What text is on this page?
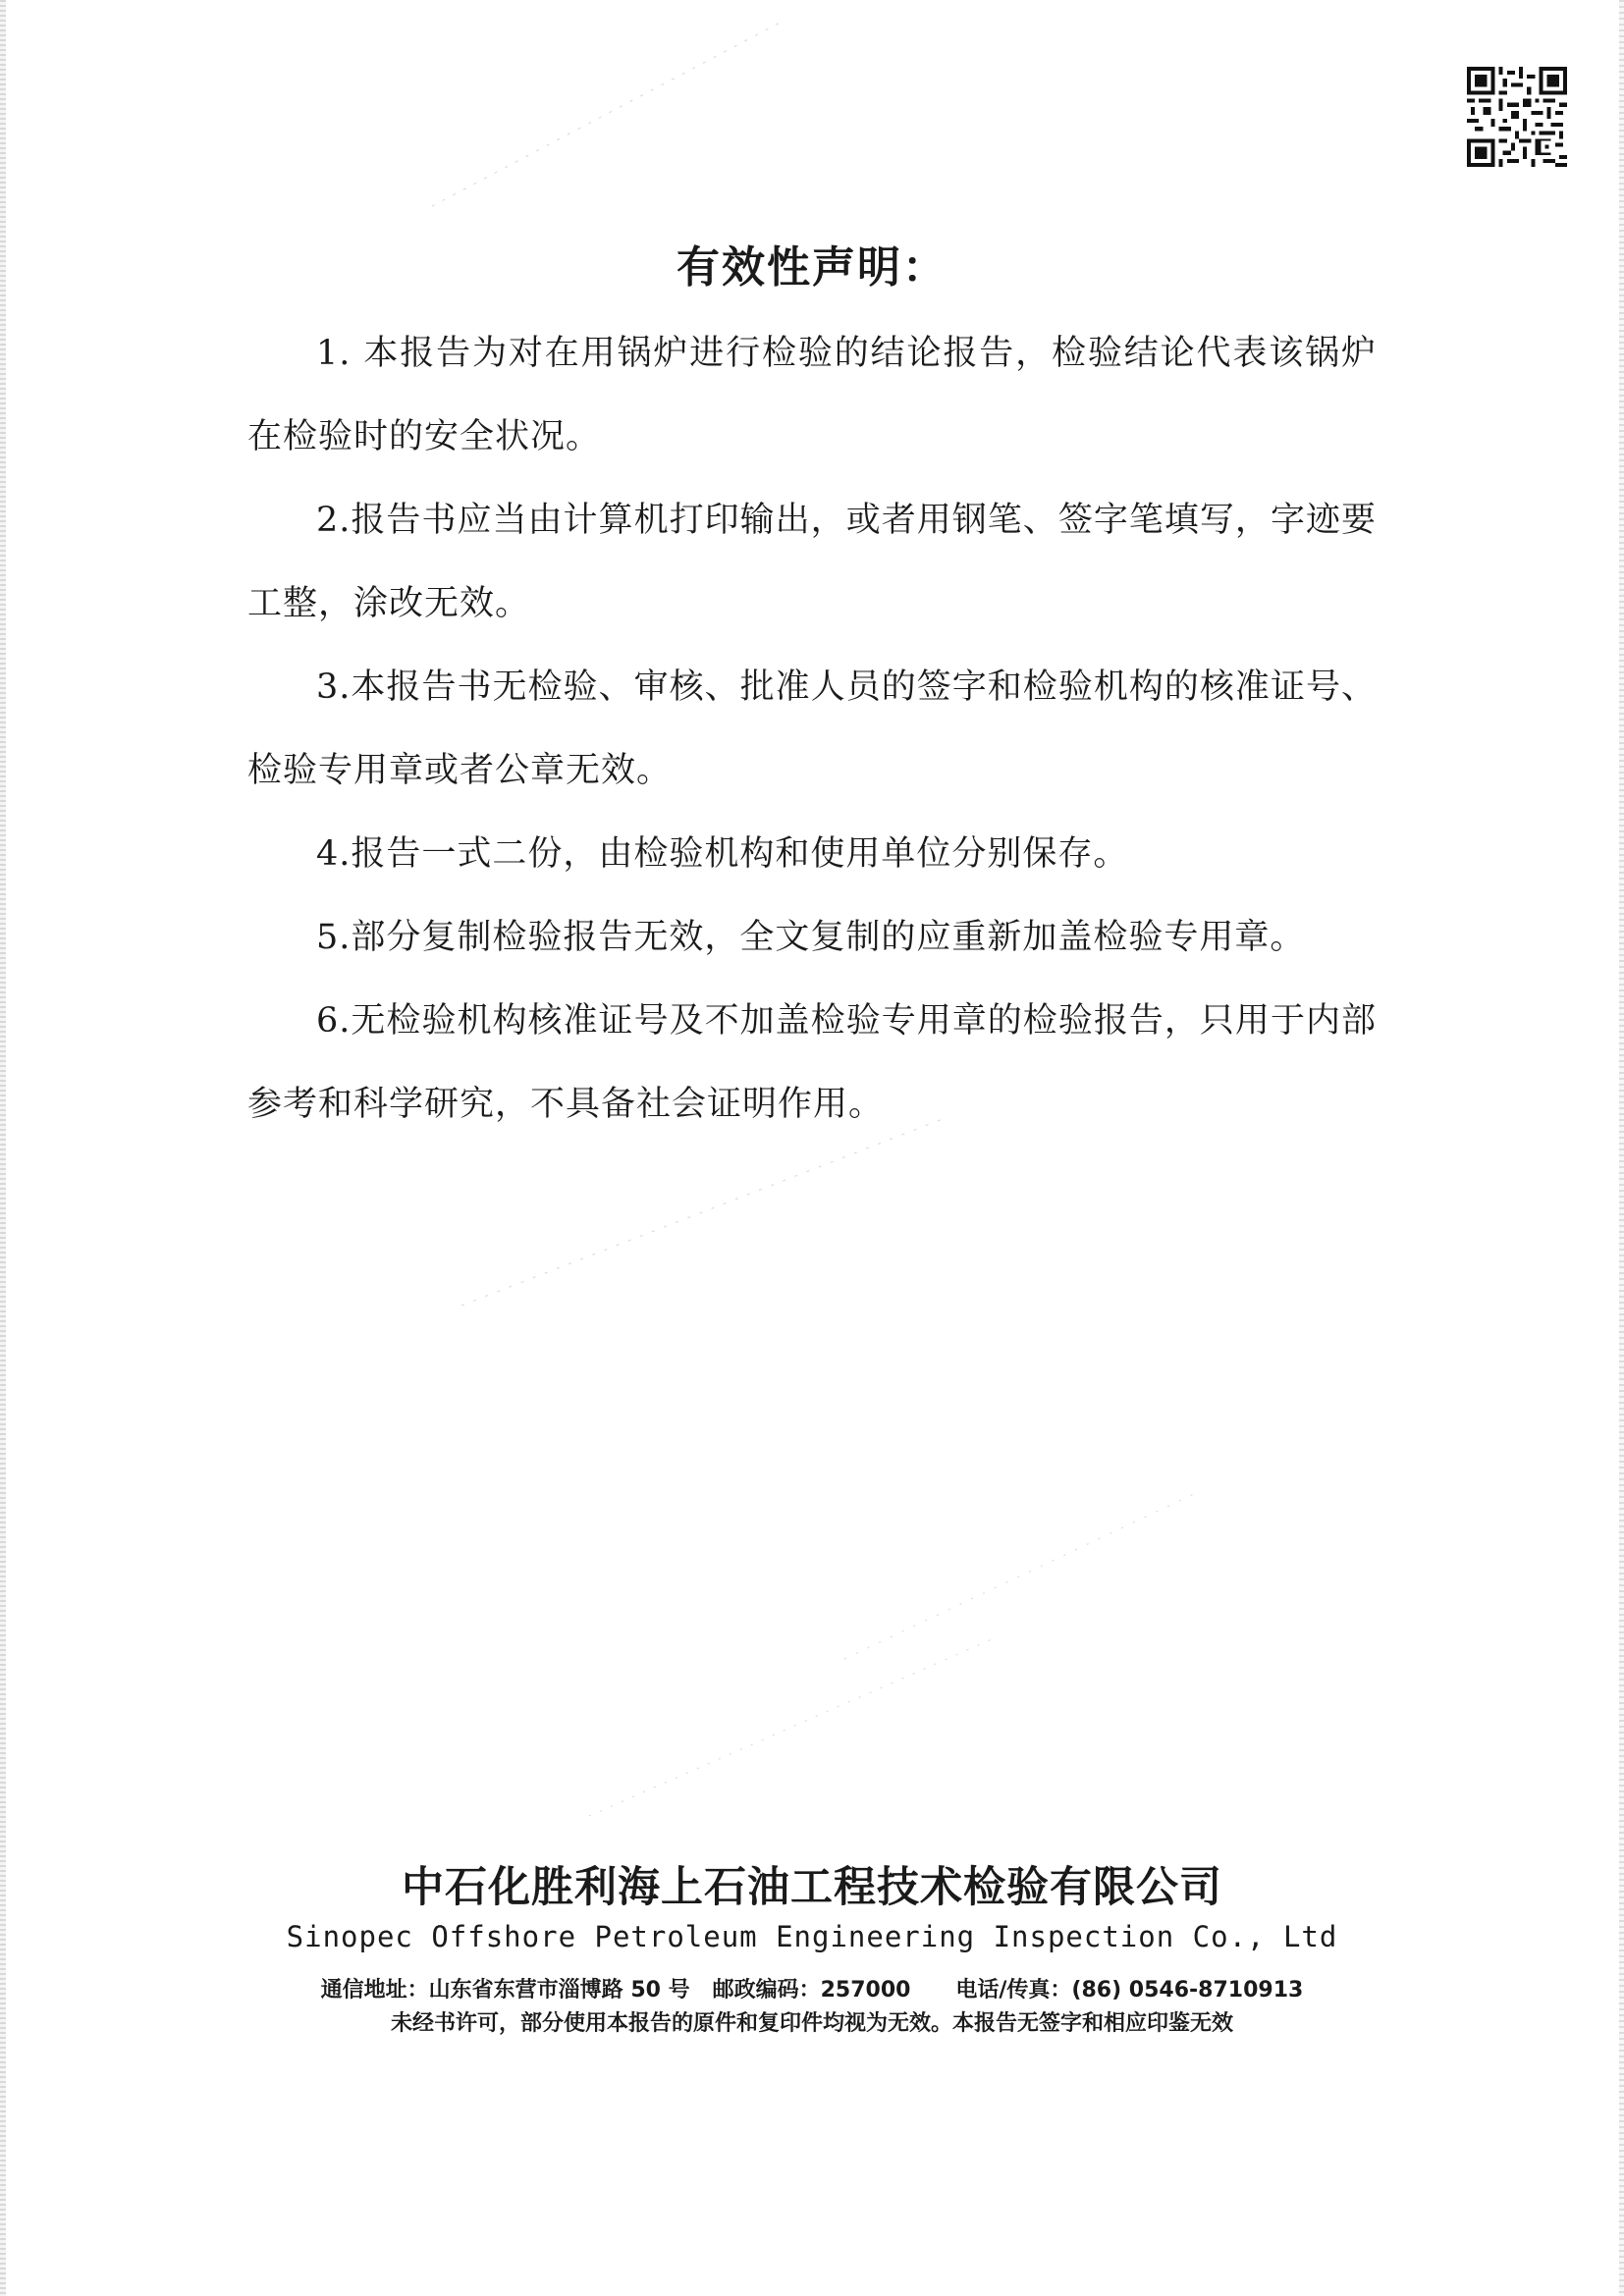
有效性声明：

1. 本报告为对在用锅炉进行检验的结论报告，检验结论代表该锅炉在检验时的安全状况。

2.报告书应当由计算机打印输出，或者用钢笔、签字笔填写，字迹要工整，涂改无效。

3.本报告书无检验、审核、批准人员的签字和检验机构的核准证号、检验专用章或者公章无效。

4.报告一式二份，由检验机构和使用单位分别保存。

5.部分复制检验报告无效，全文复制的应重新加盖检验专用章。

6.无检验机构核准证号及不加盖检验专用章的检验报告，只用于内部参考和科学研究，不具备社会证明作用。

中石化胜利海上石油工程技术检验有限公司
Sinopec Offshore Petroleum Engineering Inspection Co., Ltd
通信地址：山东省东营市淄博路 50 号   邮政编码：257000      电话/传真：(86) 0546-8710913
未经书许可，部分使用本报告的原件和复印件均视为无效。本报告无签字和相应印鉴无效
